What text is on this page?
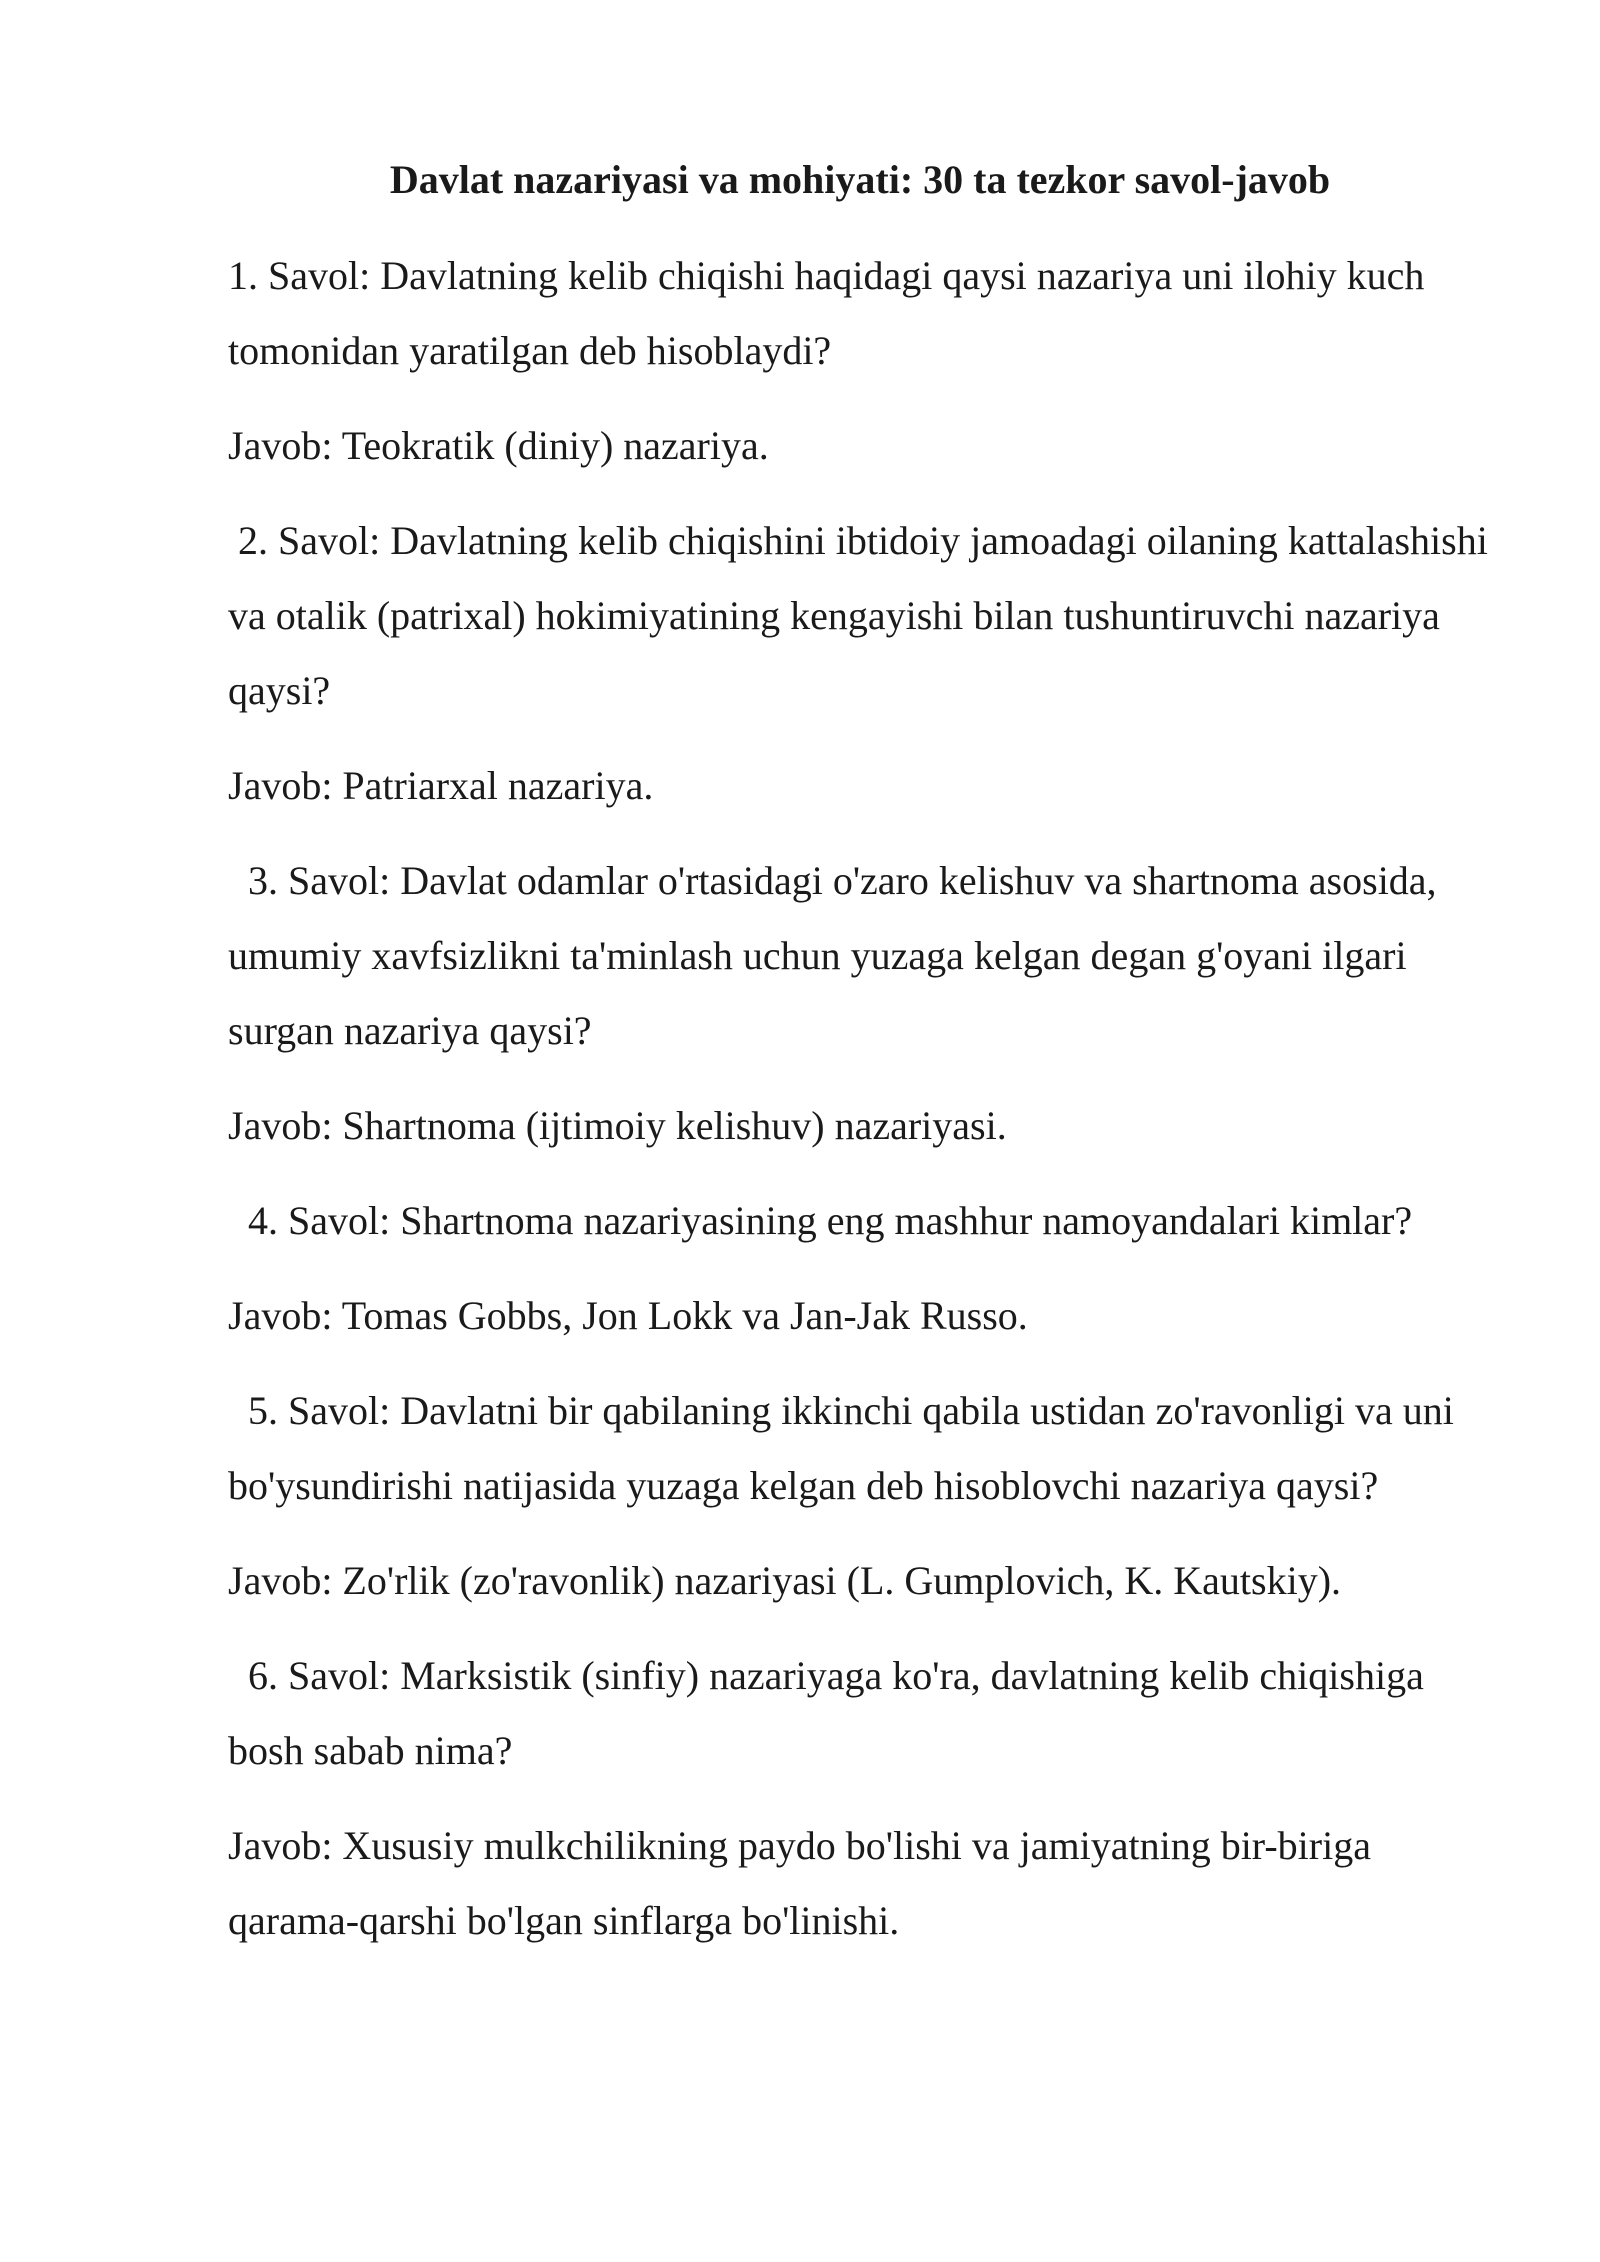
Davlat nazariyasi va mohiyati: 30 ta tezkor savol-javob

1. Savol: Davlatning kelib chiqishi haqidagi qaysi nazariya uni ilohiy kuch tomonidan yaratilgan deb hisoblaydi?

Javob: Teokratik (diniy) nazariya.

2. Savol: Davlatning kelib chiqishini ibtidoiy jamoadagi oilaning kattalashishi va otalik (patrixal) hokimiyatining kengayishi bilan tushuntiruvchi nazariya qaysi?

Javob: Patriarxal nazariya.

3. Savol: Davlat odamlar o'rtasidagi o'zaro kelishuv va shartnoma asosida, umumiy xavfsizlikni ta'minlash uchun yuzaga kelgan degan g'oyani ilgari surgan nazariya qaysi?

Javob: Shartnoma (ijtimoiy kelishuv) nazariyasi.

4. Savol: Shartnoma nazariyasining eng mashhur namoyandalari kimlar?

Javob: Tomas Gobbs, Jon Lokk va Jan-Jak Russo.

5. Savol: Davlatni bir qabilaning ikkinchi qabila ustidan zo'ravonligi va uni bo'ysundirishi natijasida yuzaga kelgan deb hisoblovchi nazariya qaysi?

Javob: Zo'rlik (zo'ravonlik) nazariyasi (L. Gumplovich, K. Kautskiy).

6. Savol: Marksistik (sinfiy) nazariyaga ko'ra, davlatning kelib chiqishiga bosh sabab nima?

Javob: Xususiy mulkchilikning paydo bo'lishi va jamiyatning bir-biriga qarama-qarshi bo'lgan sinflarga bo'linishi.
